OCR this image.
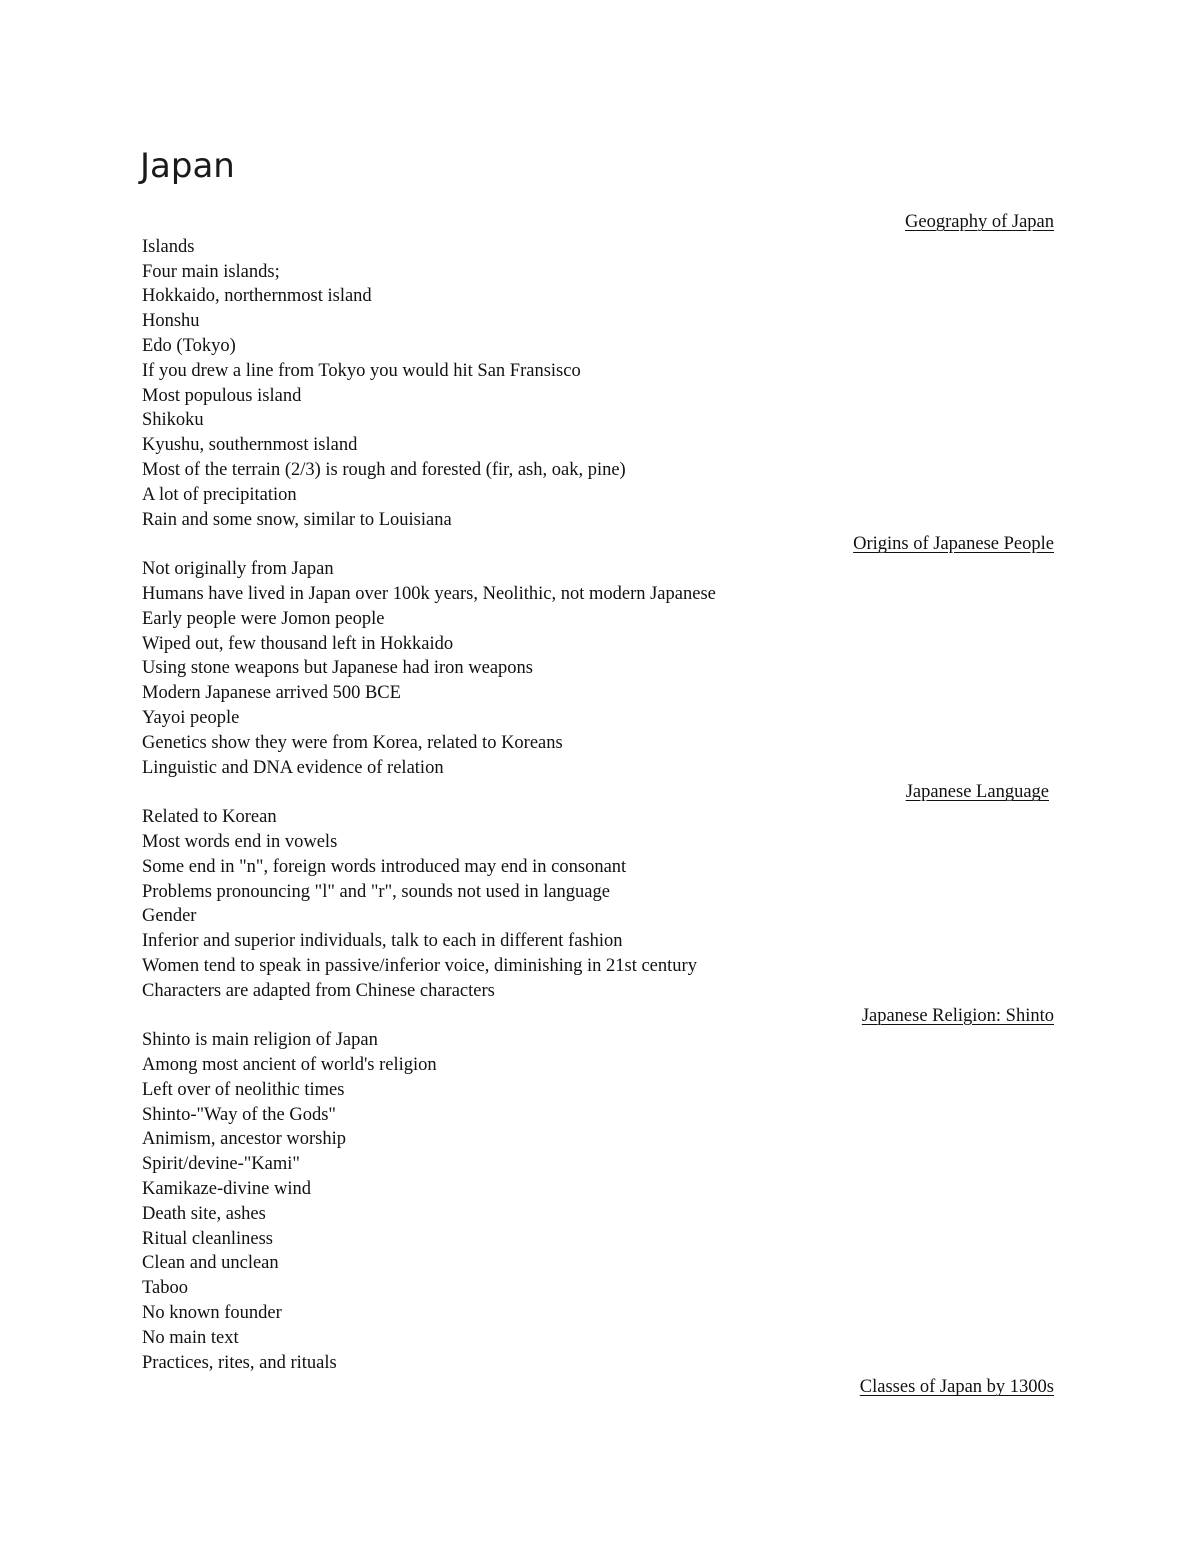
Japan
Geography of Japan
Islands
Four main islands;
Hokkaido, northernmost island
Honshu
Edo (Tokyo)
If you drew a line from Tokyo you would hit San Fransisco
Most populous island
Shikoku
Kyushu, southernmost island
Most of the terrain (2/3) is rough and forested (fir, ash, oak, pine)
A lot of precipitation
Rain and some snow, similar to Louisiana
Origins of Japanese People
Not originally from Japan
Humans have lived in Japan over 100k years, Neolithic, not modern Japanese
Early people were Jomon people
Wiped out, few thousand left in Hokkaido
Using stone weapons but Japanese had iron weapons
Modern Japanese arrived 500 BCE
Yayoi people
Genetics show they were from Korea, related to Koreans
Linguistic and DNA evidence of relation
Japanese Language
Related to Korean
Most words end in vowels
Some end in "n", foreign words introduced may end in consonant
Problems pronouncing "l" and "r", sounds not used in language
Gender
Inferior and superior individuals, talk to each in different fashion
Women tend to speak in passive/inferior voice, diminishing in 21st century
Characters are adapted from Chinese characters
Japanese Religion: Shinto
Shinto is main religion of Japan
Among most ancient of world's religion
Left over of neolithic times
Shinto-"Way of the Gods"
Animism, ancestor worship
Spirit/devine-"Kami"
Kamikaze-divine wind
Death site, ashes
Ritual cleanliness
Clean and unclean
Taboo
No known founder
No main text
Practices, rites, and rituals
Classes of Japan by 1300s
